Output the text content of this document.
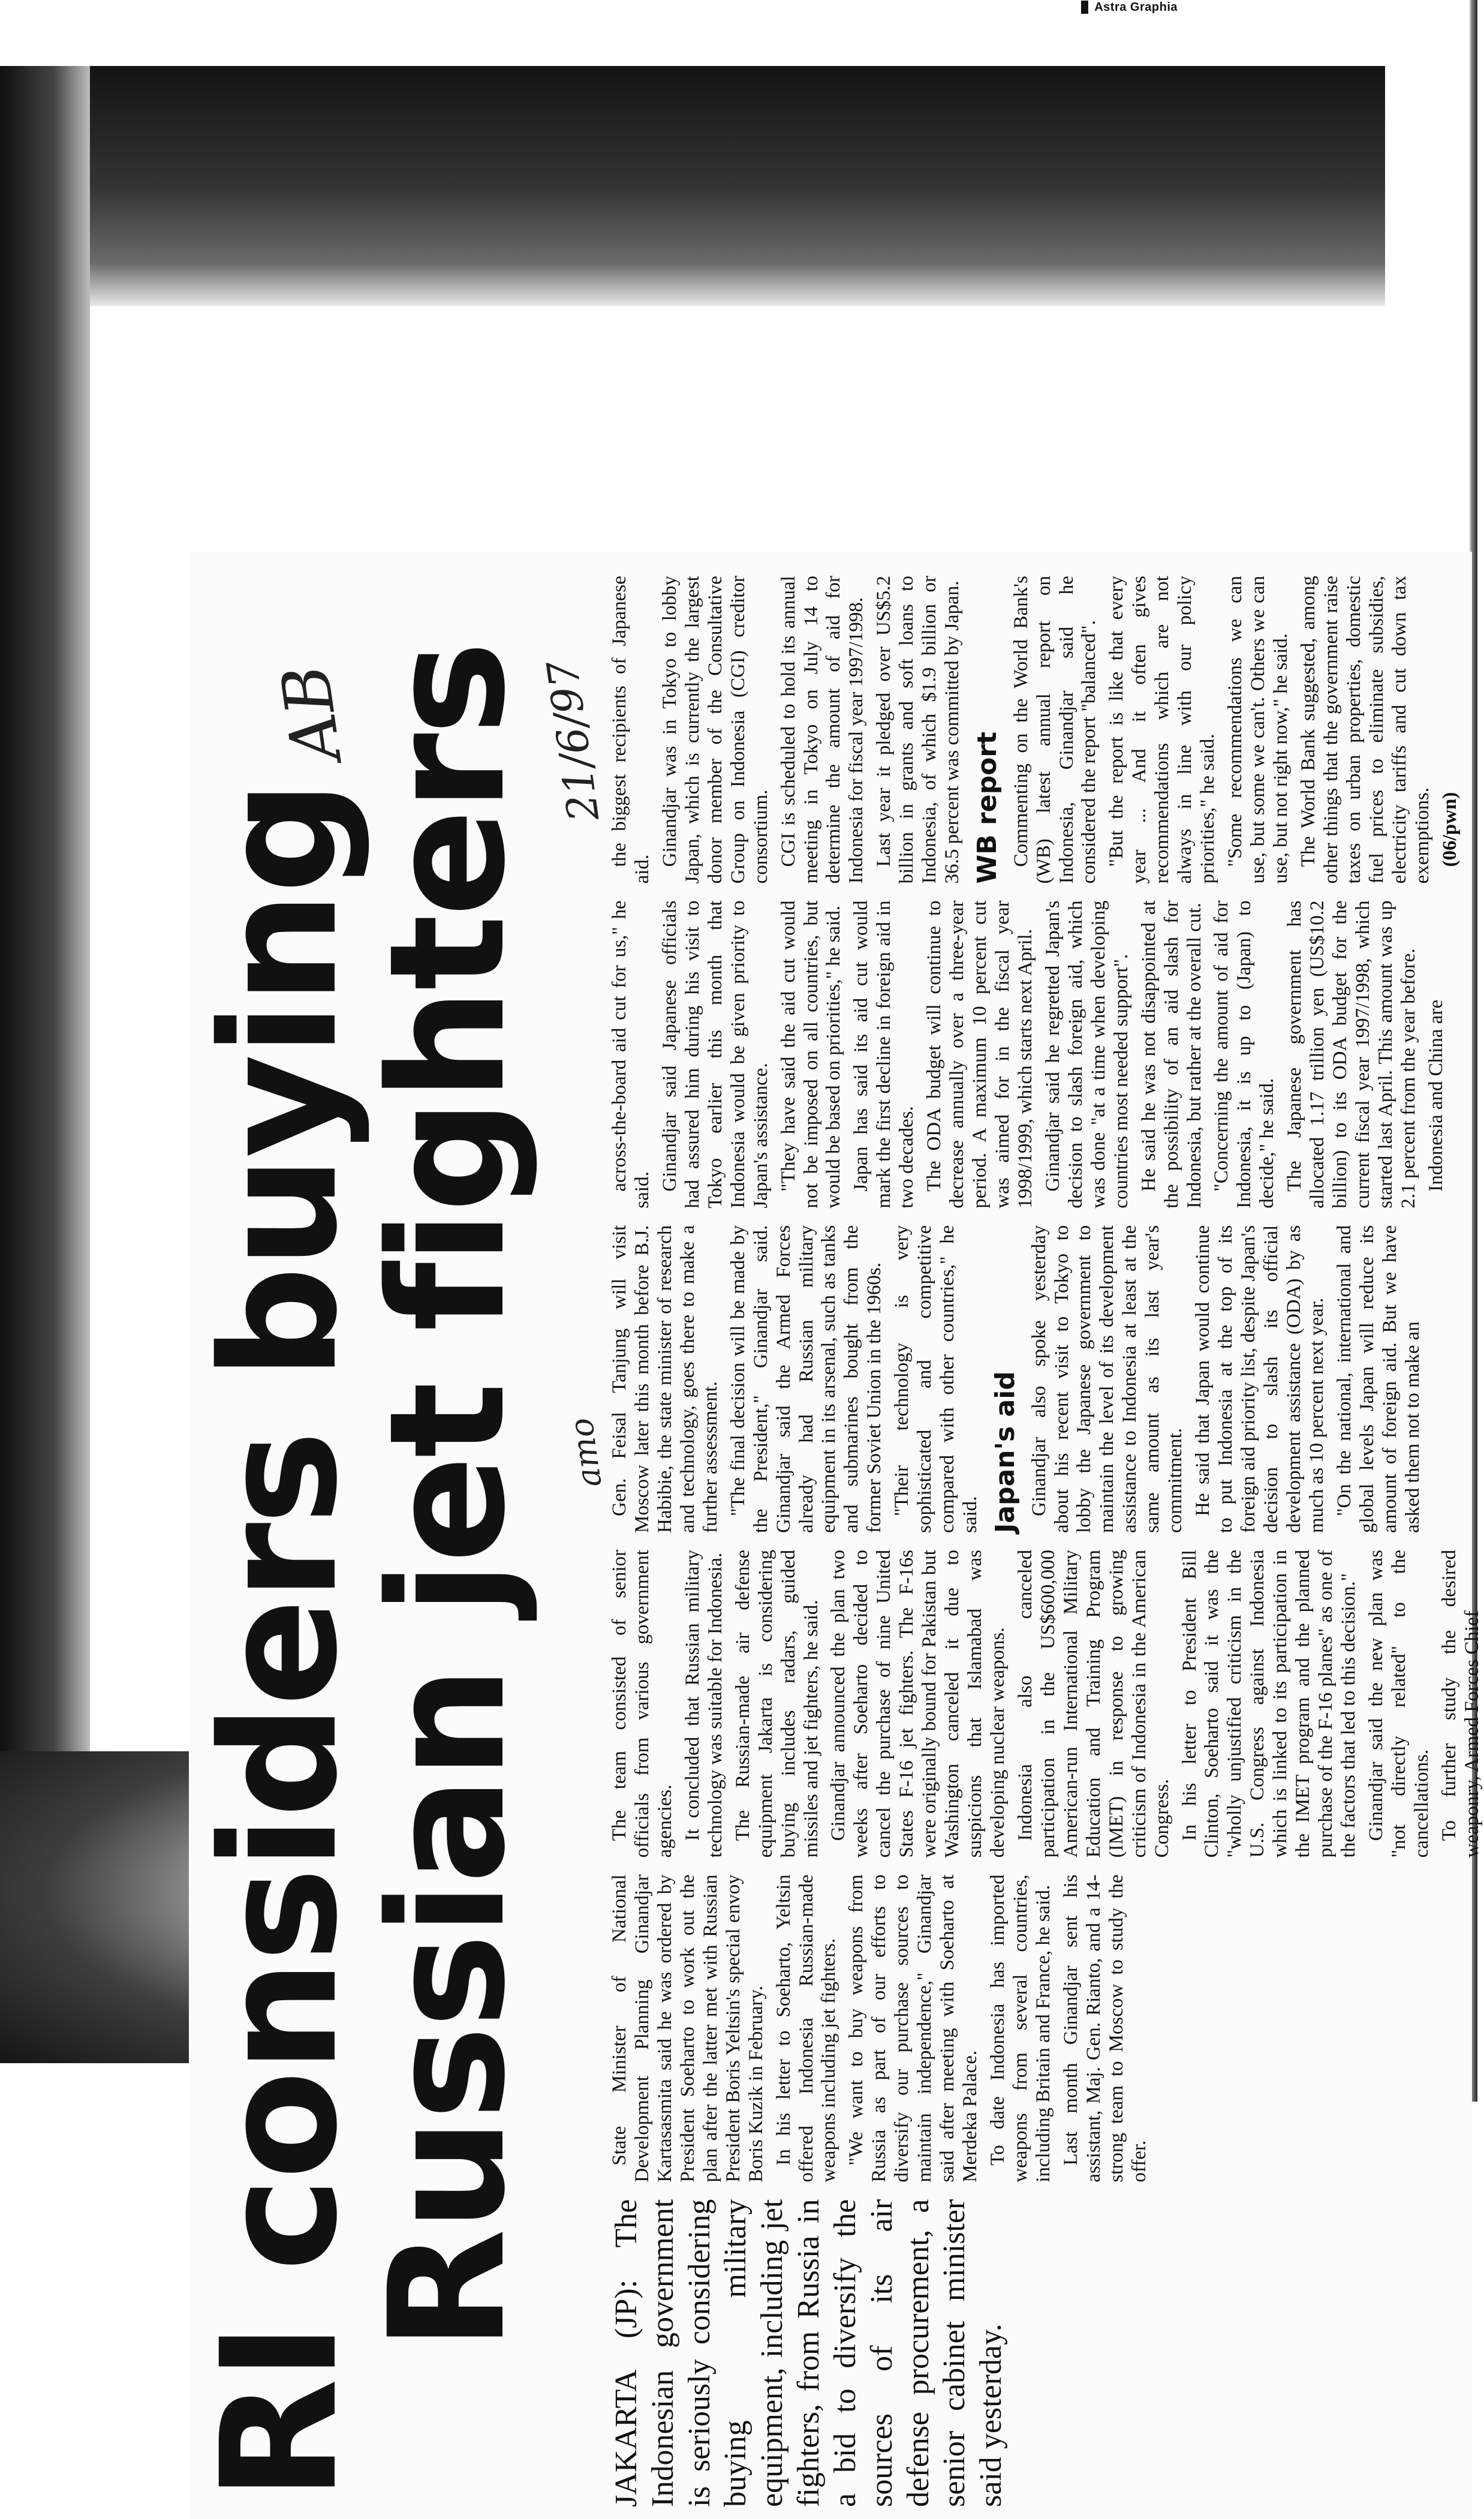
Astra Graphia
RI considers buying
Russian jet fighters
21/6/97
AB
amo

JAKARTA (JP): The Indonesian government is seriously considering buying military equipment, including jet fighters, from Russia in a bid to diversify the sources of its air defense procurement, a senior cabinet minister said yesterday.

State Minister of National Development Planning Ginandjar Kartasasmita said he was ordered by President Soeharto to work out the plan after the latter met with Russian President Boris Yeltsin's special envoy Boris Kuzik in February. In his letter to Soeharto, Yeltsin offered Indonesia Russian-made weapons including jet fighters. "We want to buy weapons from Russia as part of our efforts to diversify our purchase sources to maintain independence," Ginandjar said after meeting with Soeharto at Merdeka Palace. To date Indonesia has imported weapons from several countries, including Britain and France, he said. Last month Ginandjar sent his assistant, Maj. Gen. Rianto, and a 14-strong team to Moscow to study the offer.

The team consisted of senior officials from various government agencies. It concluded that Russian military technology was suitable for Indonesia. The Russian-made air defense equipment Jakarta is considering buying includes radars, guided missiles and jet fighters, he said. Ginandjar announced the plan two weeks after Soeharto decided to cancel the purchase of nine United States F-16 jet fighters. The F-16s were originally bound for Pakistan but Washington canceled it due to suspicions that Islamabad was developing nuclear weapons. Indonesia also canceled participation in the US$600,000 American-run International Military Education and Training Program (IMET) in response to growing criticism of Indonesia in the American Congress. In his letter to President Bill Clinton, Soeharto said it was the "wholly unjustified criticism in the U.S. Congress against Indonesia which is linked to its participation in the IMET program and the planned purchase of the F-16 planes" as one of the factors that led to this decision." Ginandjar said the new plan was "not directly related" to the cancellations. To further study the desired weaponry, Armed Forces Chief

Gen. Feisal Tanjung will visit Moscow later this month before B.J. Habibie, the state minister of research and technology, goes there to make a further assessment. "The final decision will be made by the President," Ginandjar said. Ginandjar said the Armed Forces already had Russian military equipment in its arsenal, such as tanks and submarines bought from the former Soviet Union in the 1960s. "Their technology is very sophisticated and competitive compared with other countries," he said. Japan's aid Ginandjar also spoke yesterday about his recent visit to Tokyo to lobby the Japanese government to maintain the level of its development assistance to Indonesia at least at the same amount as its last year's commitment. He said that Japan would continue to put Indonesia at the top of its foreign aid priority list, despite Japan's decision to slash its official development assistance (ODA) by as much as 10 percent next year. "On the national, international and global levels Japan will reduce its amount of foreign aid. But we have asked them not to make an

across-the-board aid cut for us," he said. Ginandjar said Japanese officials had assured him during his visit to Tokyo earlier this month that Indonesia would be given priority to Japan's assistance. "They have said the aid cut would not be imposed on all countries, but would be based on priorities," he said. Japan has said its aid cut would mark the first decline in foreign aid in two decades. The ODA budget will continue to decrease annually over a three-year period. A maximum 10 percent cut was aimed for in the fiscal year 1998/1999, which starts next April. Ginandjar said he regretted Japan's decision to slash foreign aid, which was done "at a time when developing countries most needed support". He said he was not disappointed at the possibility of an aid slash for Indonesia, but rather at the overall cut. "Concerning the amount of aid for Indonesia, it is up to (Japan) to decide," he said. The Japanese government has allocated 1.17 trillion yen (US$10.2 billion) to its ODA budget for the current fiscal year 1997/1998, which started last April. This amount was up 2.1 percent from the year before. Indonesia and China are

the biggest recipients of Japanese aid.

Ginandjar was in Tokyo to lobby Japan, which is currently the largest donor member of the Consultative Group on Indonesia (CGI) creditor consortium. CGI is scheduled to hold its annual meeting in Tokyo on July 14 to determine the amount of aid for Indonesia for fiscal year 1997/1998. Last year it pledged over US$5.2 billion in grants and soft loans to Indonesia, of which $1.9 billion or 36.5 percent was committed by Japan. WB report Commenting on the World Bank's (WB) latest annual report on Indonesia, Ginandjar said he considered the report "balanced". "But the report is like that every year ... And it often gives recommendations which are not always in line with our policy priorities," he said. "Some recommendations we can use, but some we can't. Others we can use, but not right now," he said. The World Bank suggested, among other things that the government raise taxes on urban properties, domestic fuel prices to eliminate subsidies, electricity tariffs and cut down tax exemptions. (06/pwn)
